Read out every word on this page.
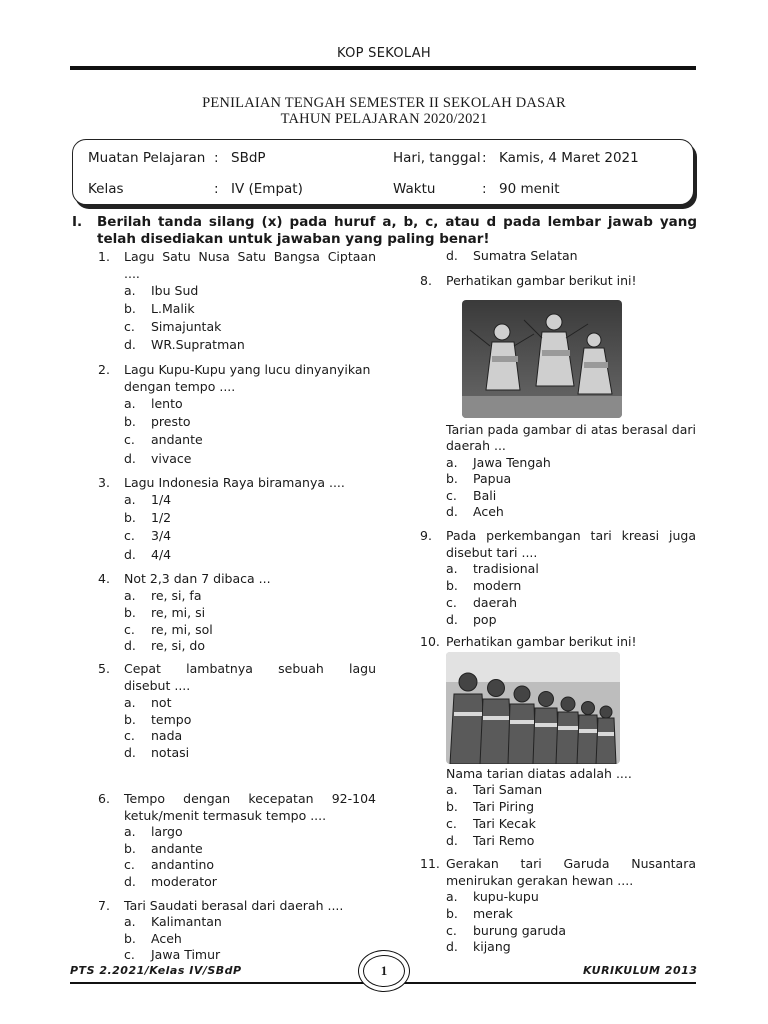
KOP SEKOLAH
PENILAIAN TENGAH SEMESTER II SEKOLAH DASAR
TAHUN PELAJARAN 2020/2021
Muatan Pelajaran : SBdP	Hari, tanggal : Kamis, 4 Maret 2021
Kelas	: IV (Empat)	Waktu	: 90 menit
I. Berilah tanda silang (x) pada huruf a, b, c, atau d pada lembar jawab yang telah disediakan untuk jawaban yang paling benar!
1. Lagu Satu Nusa Satu Bangsa Ciptaan
....
a. Ibu Sud
b. L.Malik
c. Simajuntak
d. WR.Supratman
2. Lagu Kupu-Kupu yang lucu dinyanyikan
dengan tempo ....
a. lento
b. presto
c. andante
d. vivace
3. Lagu Indonesia Raya biramanya ....
a. 1/4
b. 1/2
c. 3/4
d. 4/4
4. Not 2,3 dan 7 dibaca ...
a. re, si, fa
b. re, mi, si
c. re, mi, sol
d. re, si, do
5. Cepat lambatnya sebuah lagu
disebut ....
a. not
b. tempo
c. nada
d. notasi
6. Tempo dengan kecepatan 92-104
ketuk/menit termasuk tempo ....
a. largo
b. andante
c. andantino
d. moderator
7. Tari Saudati berasal dari daerah ....
a. Kalimantan
b. Aceh
c. Jawa Timur
d. Sumatra Selatan
8. Perhatikan gambar berikut ini!
Tarian pada gambar di atas berasal dari
daerah ...
a. Jawa Tengah
b. Papua
c. Bali
d. Aceh
9. Pada perkembangan tari kreasi juga
disebut tari ....
a. tradisional
b. modern
c. daerah
d. pop
10. Perhatikan gambar berikut ini!
Nama tarian diatas adalah ....
a. Tari Saman
b. Tari Piring
c. Tari Kecak
d. Tari Remo
11. Gerakan tari Garuda Nusantara
menirukan gerakan hewan ....
a. kupu-kupu
b. merak
c. burung garuda
d. kijang
PTS 2.2021/Kelas IV/SBdP	KURIKULUM 2013
1
